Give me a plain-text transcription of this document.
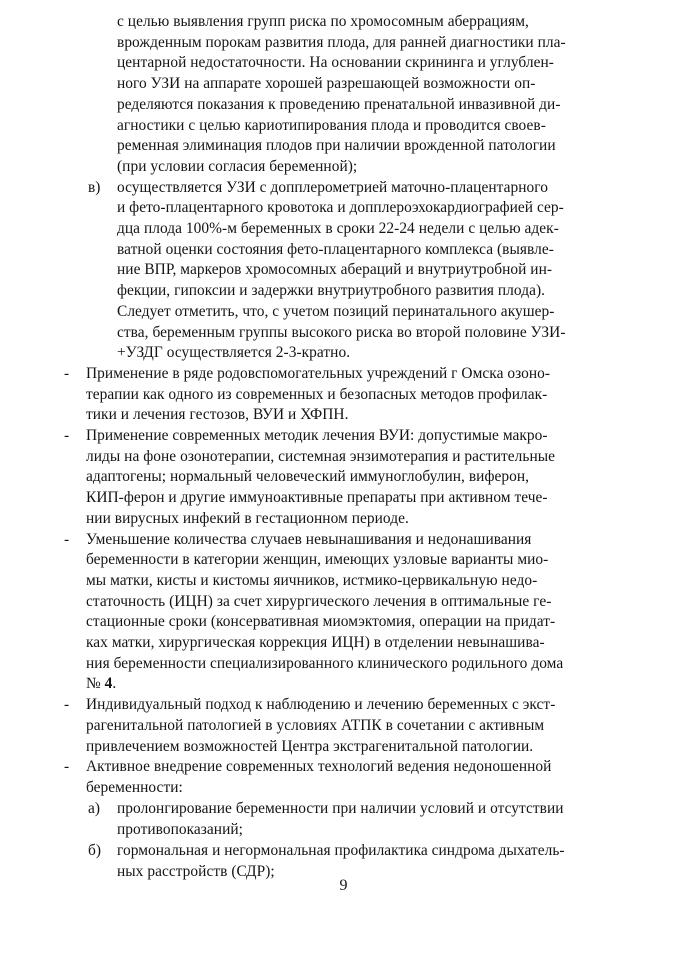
с целью выявления групп риска по хромосомным аберрациям,
врожденным порокам развития плода, для ранней диагностики пла-
центарной недостаточности. На основании скрининга и углублен-
ного УЗИ на аппарате хорошей разрешающей возможности оп-
ределяются показания к проведению пренатальной инвазивной ди-
агностики с целью кариотипирования плода и проводится своев-
ременная элиминация плодов при наличии врожденной патологии
(при условии согласия беременной);
в) осуществляется УЗИ с допплерометрией маточно-плацентарного
и фето-плацентарного кровотока и допплероэхокардиографией сер-
дца плода 100%-м беременных в сроки 22-24 недели с целью адек-
ватной оценки состояния фето-плацентарного комплекса (выявле-
ние ВПР, маркеров хромосомных абераций и внутриутробной ин-
фекции, гипоксии и задержки внутриутробного развития плода).
Следует отметить, что, с учетом позиций перинатального акушер-
ства, беременным группы высокого риска во второй половине УЗИ-
+УЗДГ осуществляется 2-3-кратно.
- Применение в ряде родовспомогательных учреждений г Омска озоно-
терапии как одного из современных и безопасных методов профилак-
тики и лечения гестозов, ВУИ и ХФПН.
- Применение современных методик лечения ВУИ: допустимые макро-
лиды на фоне озонотерапии, системная энзимотерапия и растительные
адаптогены; нормальный человеческий иммуноглобулин, виферон,
КИП-ферон и другие иммуноактивные препараты при активном тече-
нии вирусных инфекий в гестационном периоде.
- Уменьшение количества случаев невынашивания и недонашивания
беременности в категории женщин, имеющих узловые варианты мио-
мы матки, кисты и кистомы яичников, истмико-цервикальную недо-
статочность (ИЦН) за счет хирургического лечения в оптимальные ге-
стационные сроки (консервативная миомэктомия, операции на придат-
ках матки, хирургическая коррекция ИЦН) в отделении невынашива-
ния беременности специализированного клинического родильного дома
№ 4.
- Индивидуальный подход к наблюдению и лечению беременных с экст-
рагенитальной патологией в условиях АТПК в сочетании с активным
привлечением возможностей Центра экстрагенитальной патологии.
- Активное внедрение современных технологий ведения недоношенной
беременности:
а) пролонгирование беременности при наличии условий и отсутствии
противопоказаний;
б) гормональная и негормональная профилактика синдрома дыхатель-
ных расстройств (СДР);
9
